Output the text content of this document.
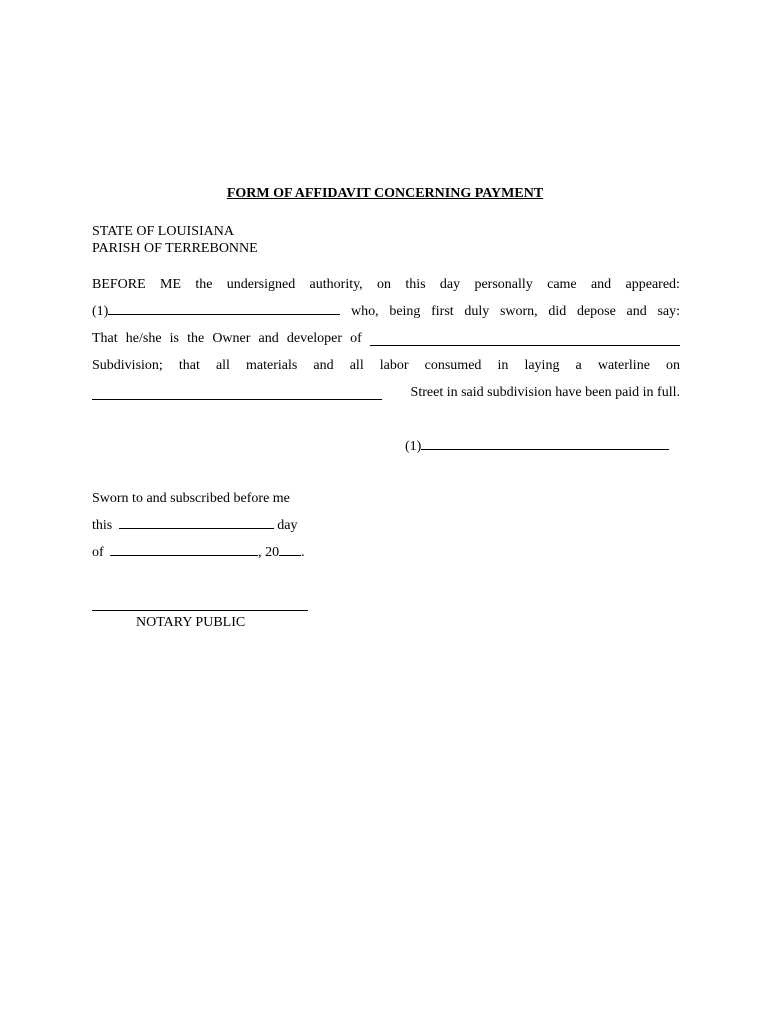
FORM OF AFFIDAVIT CONCERNING PAYMENT
STATE OF LOUISIANA
PARISH OF TERREBONNE
BEFORE ME the undersigned authority, on this day personally came and appeared:
(1)	who, being first duly sworn, did depose and say:
That he/she is the Owner and developer of
Subdivision; that all materials and all labor consumed in laying a waterline on
Street in said subdivision have been paid in full.
(1)
Sworn to and subscribed before me
this	day
of	, 20 .
NOTARY PUBLIC
